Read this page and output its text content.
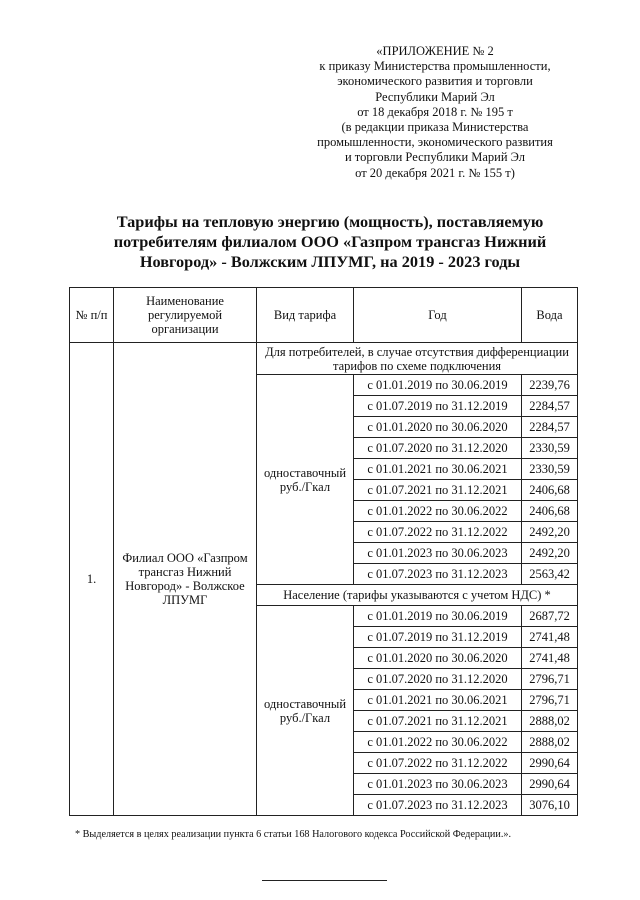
«ПРИЛОЖЕНИЕ № 2
к приказу Министерства промышленности,
экономического развития и торговли
Республики Марий Эл
от 18 декабря 2018 г. № 195 т
(в редакции приказа Министерства
промышленности, экономического развития
и торговли Республики Марий Эл
от 20 декабря 2021 г. № 155 т)
Тарифы на тепловую энергию (мощность), поставляемую
потребителям филиалом ООО «Газпром трансгаз Нижний
Новгород» - Волжским ЛПУМГ, на 2019 - 2023 годы
№ п/п	Наименование регулируемой организации	Вид тарифа	Год	Вода
1.	Филиал ООО «Газпром трансгаз Нижний Новгород» - Волжское ЛПУМГ	Для потребителей, в случае отсутствия дифференциации тарифов по схеме подключения		
		одноставочный руб./Гкал	с 01.01.2019 по 30.06.2019	2239,76
			с 01.07.2019 по 31.12.2019	2284,57
			с 01.01.2020 по 30.06.2020	2284,57
			с 01.07.2020 по 31.12.2020	2330,59
			с 01.01.2021 по 30.06.2021	2330,59
			с 01.07.2021 по 31.12.2021	2406,68
			с 01.01.2022 по 30.06.2022	2406,68
			с 01.07.2022 по 31.12.2022	2492,20
			с 01.01.2023 по 30.06.2023	2492,20
			с 01.07.2023 по 31.12.2023	2563,42
		Население (тарифы указываются с учетом НДС) *		
		одноставочный руб./Гкал	с 01.01.2019 по 30.06.2019	2687,72
			с 01.07.2019 по 31.12.2019	2741,48
			с 01.01.2020 по 30.06.2020	2741,48
			с 01.07.2020 по 31.12.2020	2796,71
			с 01.01.2021 по 30.06.2021	2796,71
			с 01.07.2021 по 31.12.2021	2888,02
			с 01.01.2022 по 30.06.2022	2888,02
			с 01.07.2022 по 31.12.2022	2990,64
			с 01.01.2023 по 30.06.2023	2990,64
			с 01.07.2023 по 31.12.2023	3076,10
* Выделяется в целях реализации пункта 6 статьи 168 Налогового кодекса Российской Федерации.».
